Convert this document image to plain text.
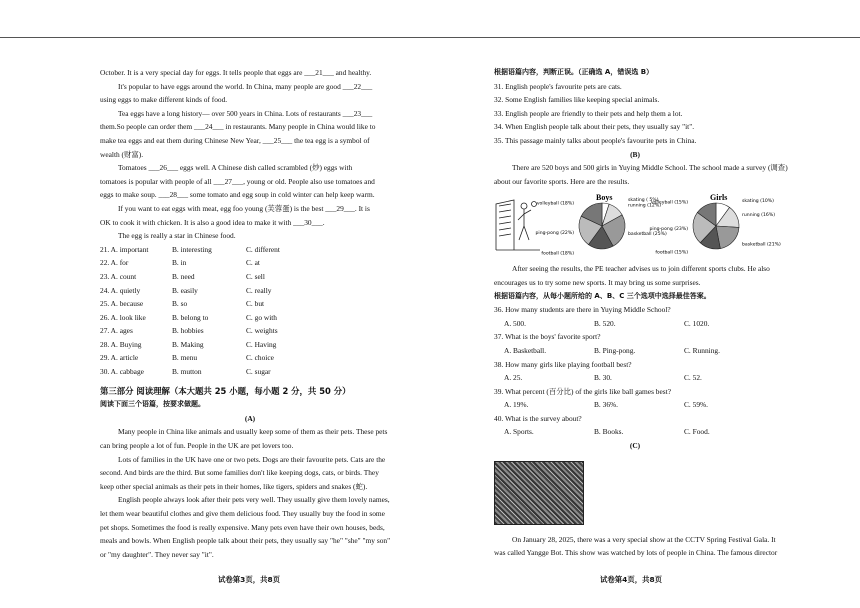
October. It is a very special day for eggs. It tells people that eggs are ___21___ and healthy.

It's popular to have eggs around the world. In China, many people are good ___22___

using eggs to make different kinds of food.

Tea eggs have a long history— over 500 years in China. Lots of restaurants ___23___

them.So people can order them ___24___ in restaurants. Many people in China would like to

make tea eggs and eat them during Chinese New Year, ___25___ the tea egg is a symbol of

wealth (财富).

Tomatoes ___26___ eggs well. A Chinese dish called scrambled (炒) eggs with

tomatoes is popular with people of all ___27___, young or old. People also use tomatoes and

eggs to make soup. ___28___ some tomato and egg soup in cold winter can help keep warm.

If you want to eat eggs with meat, egg foo young (芙蓉蛋) is the best ___29___. It is

OK to cook it with chicken. It is also a good idea to make it with ___30___.

The egg is really a star in Chinese food.

21. A. important	B. interesting	C. different
22. A. for	B. in	C. at
23. A. count	B. need	C. sell
24. A. quietly	B. easily	C. really
25. A. because	B. so	C. but
26. A. look like	B. belong to	C. go with
27. A. ages	B. hobbies	C. weights
28. A. Buying	B. Making	C. Having
29. A. article	B. menu	C. choice
30. A. cabbage	B. mutton	C. sugar

第三部分 阅读理解（本大题共 25 小题，每小题 2 分，共 50 分）

阅读下面三个语篇，按要求做题。

(A)

Many people in China like animals and usually keep some of them as their pets. These pets

can bring people a lot of fun. People in the UK are pet lovers too.

Lots of families in the UK have one or two pets. Dogs are their favourite pets. Cats are the

second. And birds are the third. But some families don't like keeping dogs, cats, or birds. They

keep other special animals as their pets in their homes, like tigers, spiders and snakes (蛇).

English people always look after their pets very well. They usually give them lovely names,

let them wear beautiful clothes and give them delicious food. They usually buy the food in some

pet shops. Sometimes the food is really expensive. Many pets even have their own houses, beds,

meals and bowls. When English people talk about their pets, they usually say "he" "she" "my son"

or "my daughter". They never say "it".

试卷第3页，共8页

根据语篇内容，判断正误。（正确选 A，错误选 B）

31. English people's favourite pets are cats.

32. Some English families like keeping special animals.

33. English people are friendly to their pets and help them a lot.

34. When English people talk about their pets, they usually say "it".

35. This passage mainly talks about people's favourite pets in China.

(B)

There are 520 boys and 500 girls in Yuying Middle School. The school made a survey (调查)

about our favorite sports. Here are the results.

Boys	skating ( 5%)
running (12%)
basketball (25%)
football (18%)
ping-pong (22%)
volleyball (18%)
Girls	skating (10%)
running (16%)
basketball (21%)
football (15%)
ping-pong (23%)
volleyball (15%)

After seeing the results, the PE teacher advises us to join different sports clubs. He also

encourages us to try some new sports. It may bring us some surprises.

根据语篇内容，从每小题所给的 A、B、C 三个选项中选择最佳答案。

36. How many students are there in Yuying Middle School?

A. 500.	B. 520.	C. 1020.

37. What is the boys' favorite sport?

A. Basketball.	B. Ping-pong.	C. Running.

38. How many girls like playing football best?

A. 25.	B. 30.	C. 52.

39. What percent (百分比) of the girls like ball games best?

A. 19%.	B. 36%.	C. 59%.

40. What is the survey about?

A. Sports.	B. Books.	C. Food.

(C)

On January 28, 2025, there was a very special show at the CCTV Spring Festival Gala. It

was called Yangge Bot. This show was watched by lots of people in China. The famous director

试卷第4页，共8页
